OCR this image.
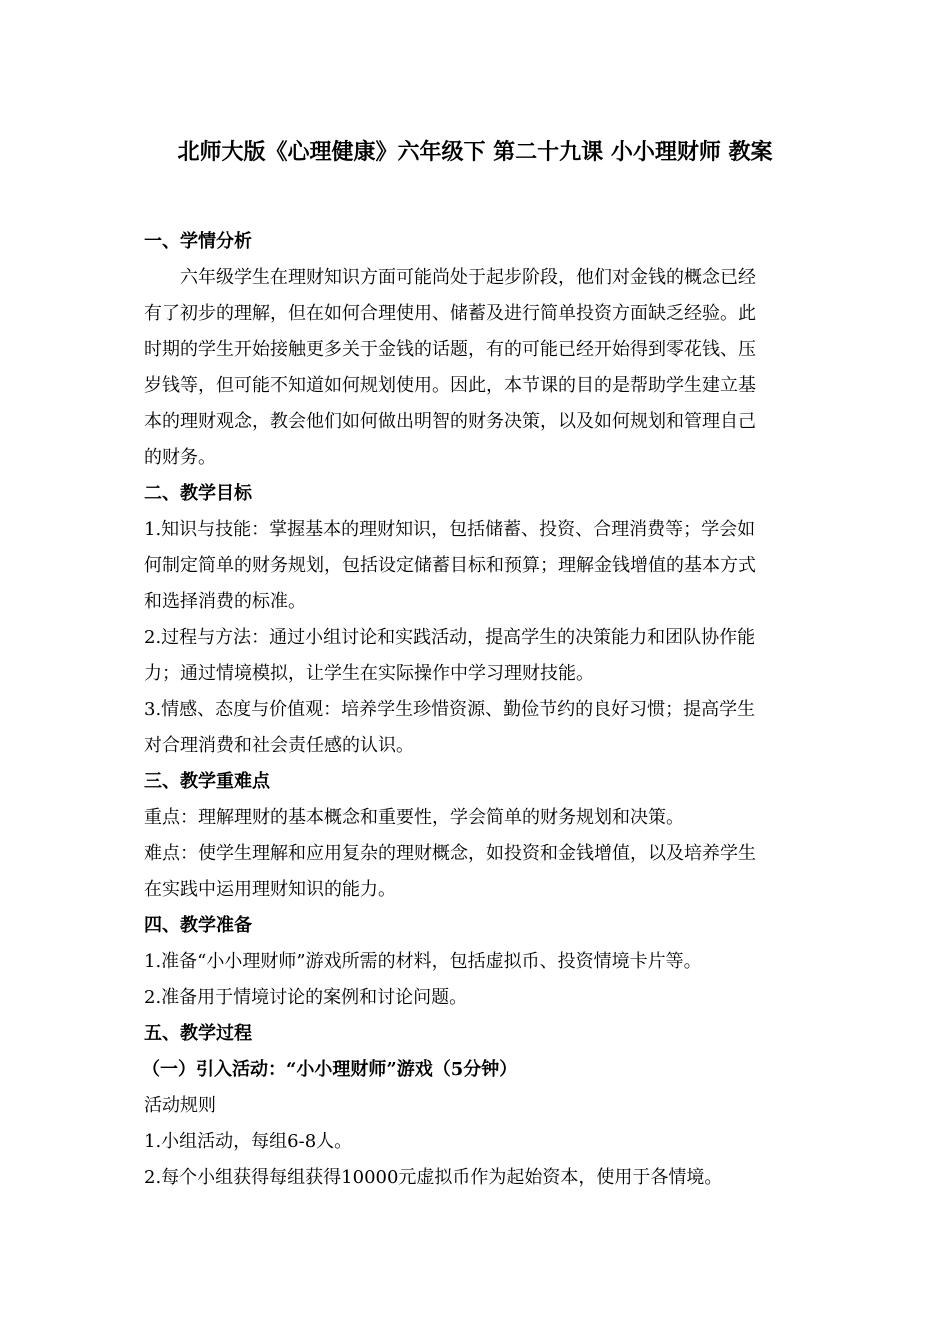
北师大版《心理健康》六年级下 第二十九课 小小理财师 教案
一、学情分析
六年级学生在理财知识方面可能尚处于起步阶段，他们对金钱的概念已经
有了初步的理解，但在如何合理使用、储蓄及进行简单投资方面缺乏经验。此
时期的学生开始接触更多关于金钱的话题，有的可能已经开始得到零花钱、压
岁钱等，但可能不知道如何规划使用。因此，本节课的目的是帮助学生建立基
本的理财观念，教会他们如何做出明智的财务决策，以及如何规划和管理自己
的财务。
二、教学目标
1.知识与技能：掌握基本的理财知识，包括储蓄、投资、合理消费等；学会如
何制定简单的财务规划，包括设定储蓄目标和预算；理解金钱增值的基本方式
和选择消费的标准。
2.过程与方法：通过小组讨论和实践活动，提高学生的决策能力和团队协作能
力；通过情境模拟，让学生在实际操作中学习理财技能。
3.情感、态度与价值观：培养学生珍惜资源、勤俭节约的良好习惯；提高学生
对合理消费和社会责任感的认识。
三、教学重难点
重点：理解理财的基本概念和重要性，学会简单的财务规划和决策。
难点：使学生理解和应用复杂的理财概念，如投资和金钱增值，以及培养学生
在实践中运用理财知识的能力。
四、教学准备
1.准备“小小理财师”游戏所需的材料，包括虚拟币、投资情境卡片等。
2.准备用于情境讨论的案例和讨论问题。
五、教学过程
（一）引入活动：“小小理财师”游戏（5分钟）
活动规则
1.小组活动，每组6-8人。
2.每个小组获得每组获得10000元虚拟币作为起始资本，使用于各情境。
